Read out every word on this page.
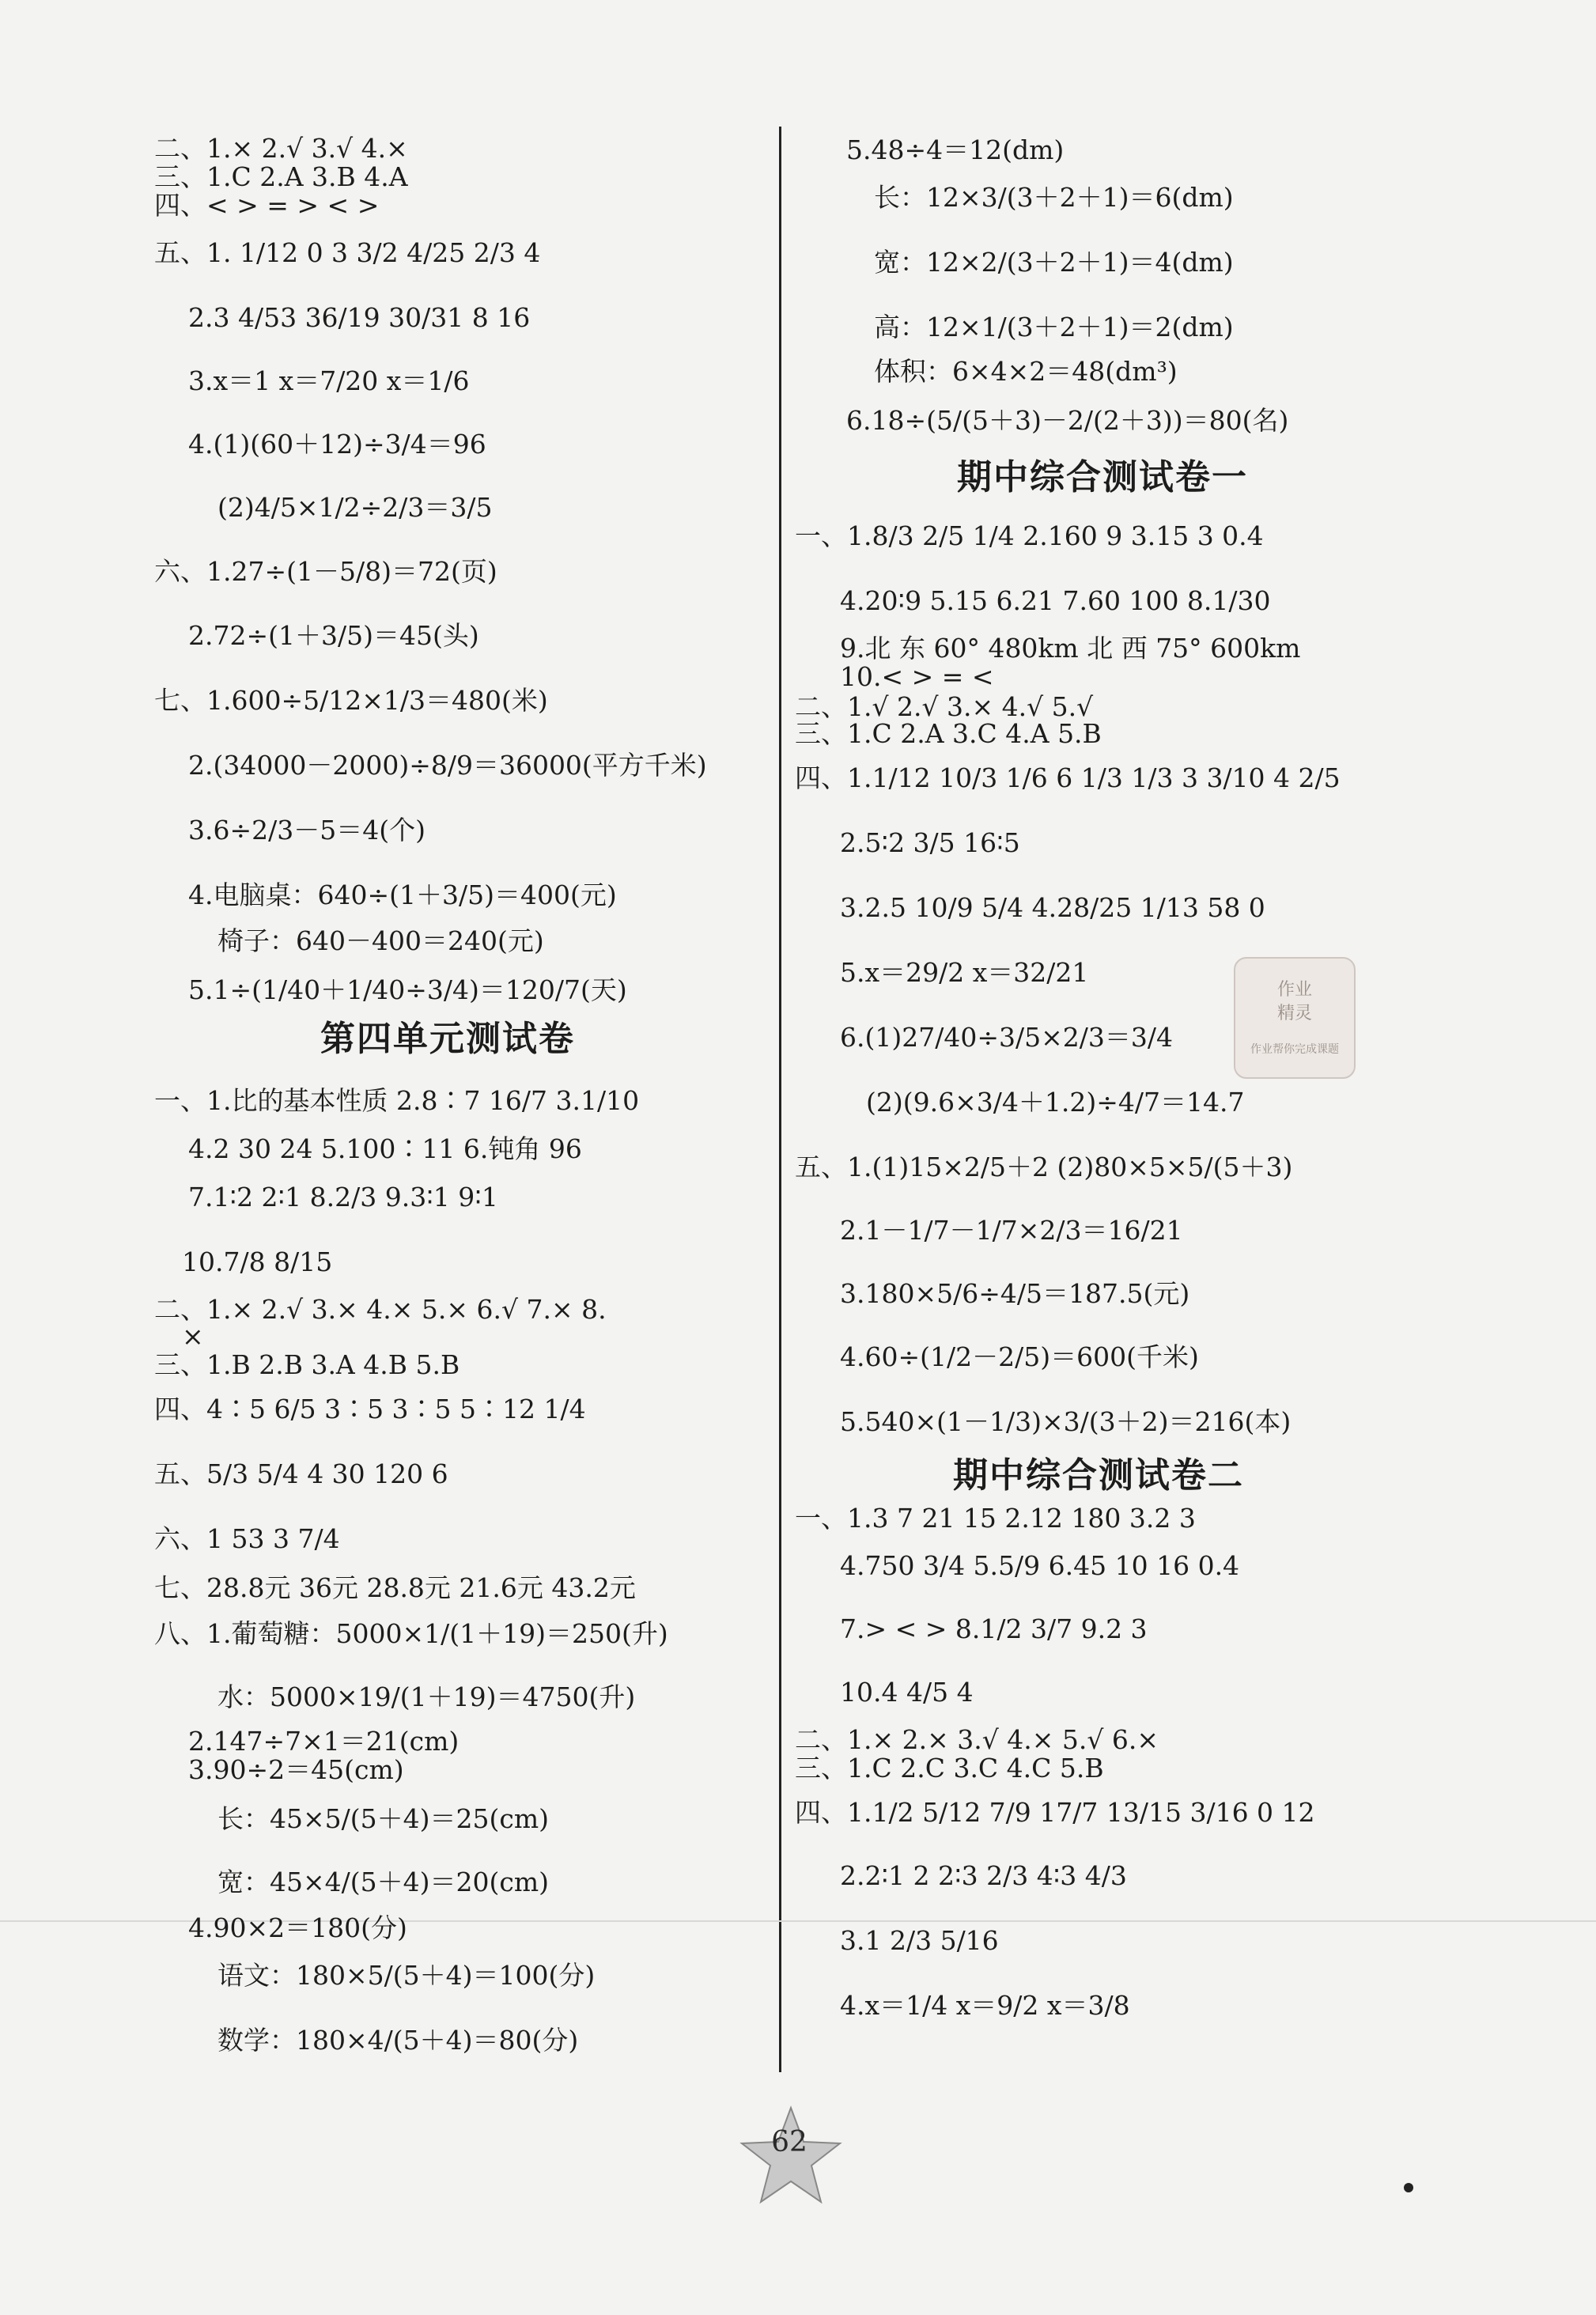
二、1.× 2.√ 3.√ 4.×
三、1.C 2.A 3.B 4.A
四、< > = > < >
五、1. 1/12 0 3 3/2 4/25 2/3 4
2.3 4/53 36/19 30/31 8 16
3.x＝1 x＝7/20 x＝1/6
4.(1)(60＋12)÷3/4＝96
(2)4/5×1/2÷2/3＝3/5
六、1.27÷(1－5/8)＝72(页)
2.72÷(1＋3/5)＝45(头)
七、1.600÷5/12×1/3＝480(米)
2.(34000－2000)÷8/9＝36000(平方千米)
3.6÷2/3－5＝4(个)
4.电脑桌：640÷(1＋3/5)＝400(元)
椅子：640－400＝240(元)
5.1÷(1/40＋1/40÷3/4)＝120/7(天)
一、1.比的基本性质 2.8∶7 16/7 3.1/10
4.2 30 24 5.100∶11 6.钝角 96
7.1∶2 2∶1 8.2/3 9.3∶1 9∶1
10.7/8 8/15
二、1.× 2.√ 3.× 4.× 5.× 6.√ 7.× 8.
×
三、1.B 2.B 3.A 4.B 5.B
四、4∶5 6/5 3∶5 3∶5 5∶12 1/4
五、5/3 5/4 4 30 120 6
六、1 53 3 7/4
七、28.8元 36元 28.8元 21.6元 43.2元
八、1.葡萄糖：5000×1/(1＋19)＝250(升)
水：5000×19/(1＋19)＝4750(升)
2.147÷7×1＝21(cm)
3.90÷2＝45(cm)
长：45×5/(5＋4)＝25(cm)
宽：45×4/(5＋4)＝20(cm)
4.90×2＝180(分)
语文：180×5/(5＋4)＝100(分)
数学：180×4/(5＋4)＝80(分)
5.48÷4＝12(dm)
长：12×3/(3＋2＋1)＝6(dm)
宽：12×2/(3＋2＋1)＝4(dm)
高：12×1/(3＋2＋1)＝2(dm)
体积：6×4×2＝48(dm³)
6.18÷(5/(5＋3)－2/(2＋3))＝80(名)
一、1.8/3 2/5 1/4 2.160 9 3.15 3 0.4
4.20∶9 5.15 6.21 7.60 100 8.1/30
9.北 东 60° 480km 北 西 75° 600km
10.< > = <
二、1.√ 2.√ 3.× 4.√ 5.√
三、1.C 2.A 3.C 4.A 5.B
四、1.1/12 10/3 1/6 6 1/3 1/3 3 3/10 4 2/5
2.5∶2 3/5 16∶5
3.2.5 10/9 5/4 4.28/25 1/13 58 0
5.x＝29/2 x＝32/21
6.(1)27/40÷3/5×2/3＝3/4
(2)(9.6×3/4＋1.2)÷4/7＝14.7
五、1.(1)15×2/5＋2 (2)80×5×5/(5＋3)
2.1－1/7－1/7×2/3＝16/21
3.180×5/6÷4/5＝187.5(元)
4.60÷(1/2－2/5)＝600(千米)
5.540×(1－1/3)×3/(3＋2)＝216(本)
一、1.3 7 21 15 2.12 180 3.2 3
4.750 3/4 5.5/9 6.45 10 16 0.4
7.> < > 8.1/2 3/7 9.2 3
10.4 4/5 4
二、1.× 2.× 3.√ 4.× 5.√ 6.×
三、1.C 2.C 3.C 4.C 5.B
四、1.1/2 5/12 7/9 17/7 13/15 3/16 0 12
2.2∶1 2 2∶3 2/3 4∶3 4/3
3.1 2/3 5/16
4.x＝1/4 x＝9/2 x＝3/8
第四单元测试卷
期中综合测试卷一
期中综合测试卷二
作业
精灵
作业帮你完成课题
62
